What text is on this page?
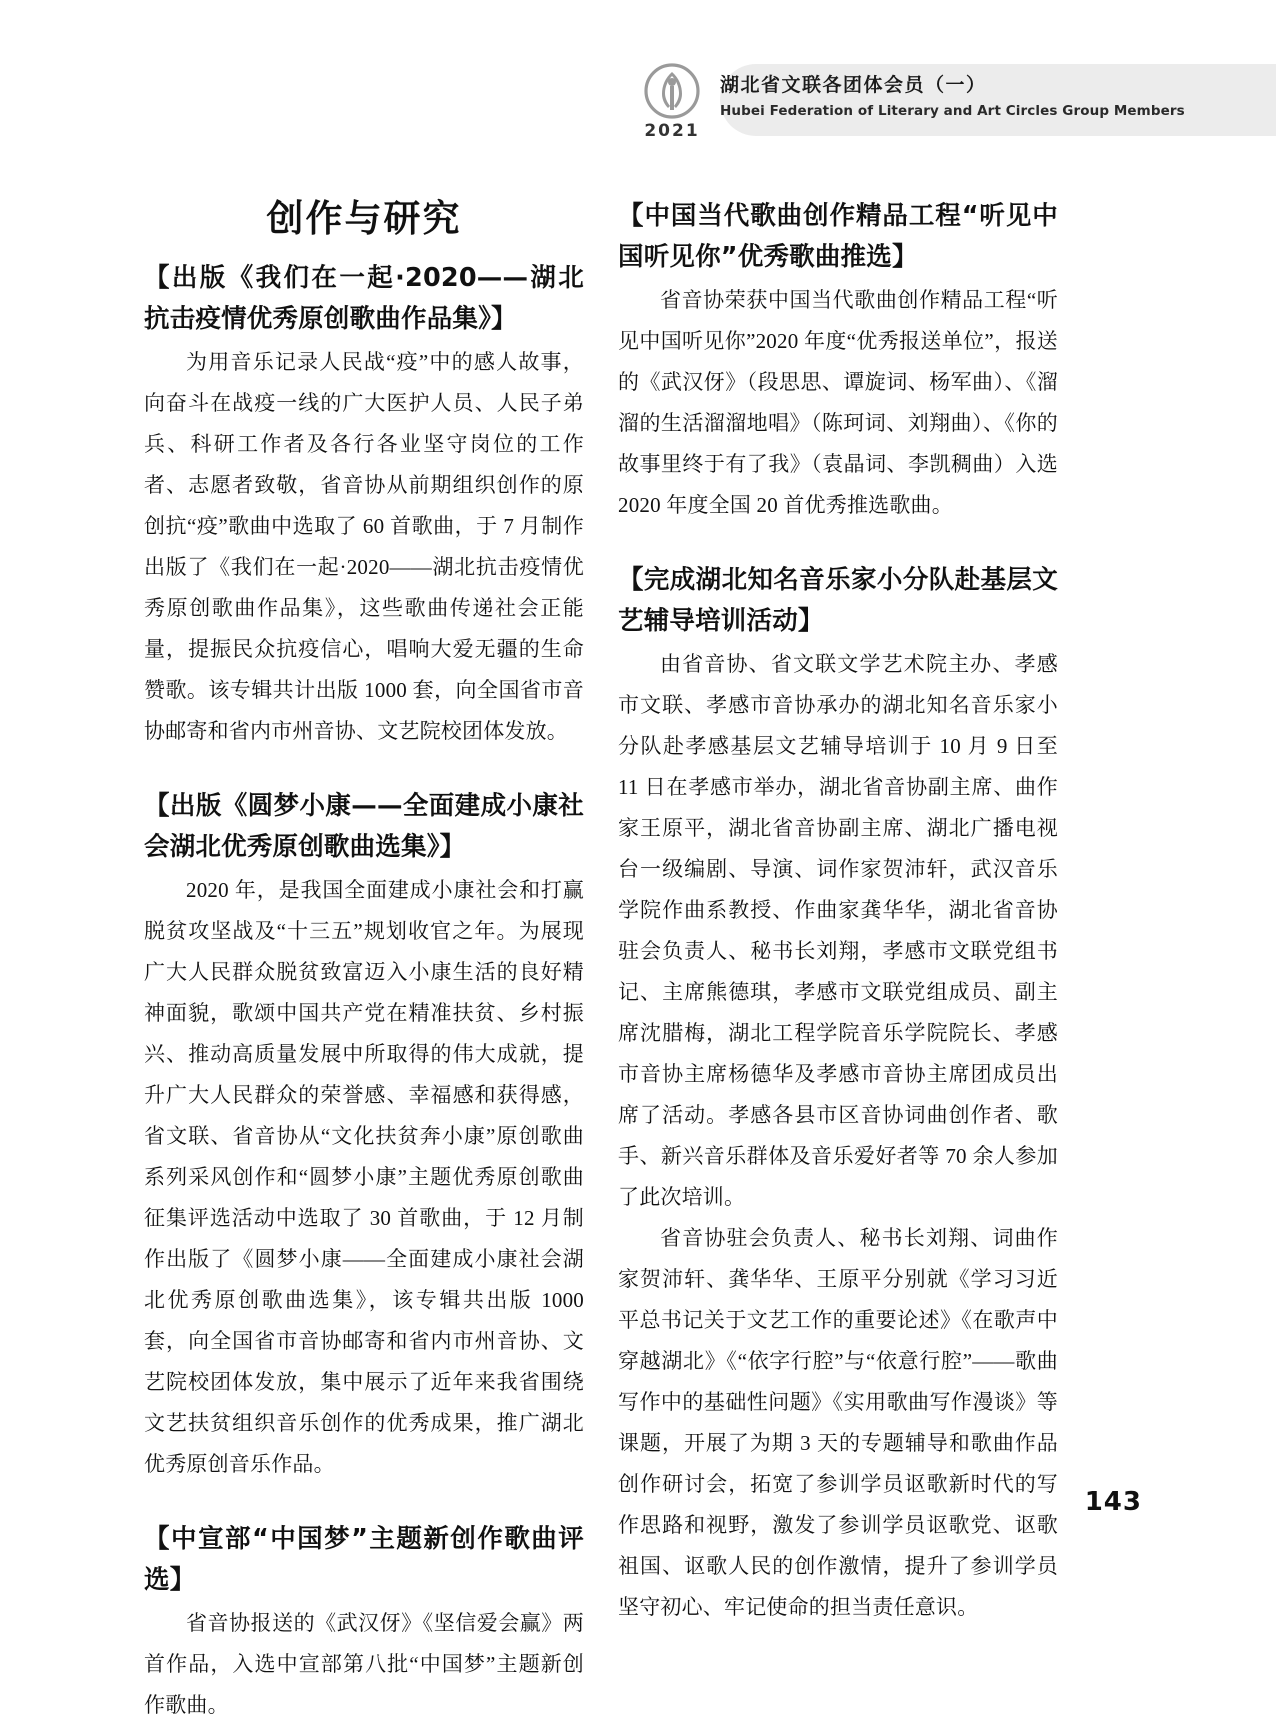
2021
湖北省文联各团体会员（一）
Hubei Federation of Literary and Art Circles Group Members
创作与研究
【出版《我们在一起·2020——湖北抗击疫情优秀原创歌曲作品集》】

为用音乐记录人民战“疫”中的感人故事，向奋斗在战疫一线的广大医护人员、人民子弟兵、科研工作者及各行各业坚守岗位的工作者、志愿者致敬，省音协从前期组织创作的原创抗“疫”歌曲中选取了 60 首歌曲，于 7 月制作出版了《我们在一起·2020——湖北抗击疫情优秀原创歌曲作品集》，这些歌曲传递社会正能量，提振民众抗疫信心，唱响大爱无疆的生命赞歌。该专辑共计出版 1000 套，向全国省市音协邮寄和省内市州音协、文艺院校团体发放。

【出版《圆梦小康——全面建成小康社会湖北优秀原创歌曲选集》】

2020 年，是我国全面建成小康社会和打赢脱贫攻坚战及“十三五”规划收官之年。为展现广大人民群众脱贫致富迈入小康生活的良好精神面貌，歌颂中国共产党在精准扶贫、乡村振兴、推动高质量发展中所取得的伟大成就，提升广大人民群众的荣誉感、幸福感和获得感，省文联、省音协从“文化扶贫奔小康”原创歌曲系列采风创作和“圆梦小康”主题优秀原创歌曲征集评选活动中选取了 30 首歌曲，于 12 月制作出版了《圆梦小康——全面建成小康社会湖北优秀原创歌曲选集》，该专辑共出版 1000 套，向全国省市音协邮寄和省内市州音协、文艺院校团体发放，集中展示了近年来我省围绕文艺扶贫组织音乐创作的优秀成果，推广湖北优秀原创音乐作品。

【中宣部“中国梦”主题新创作歌曲评选】

省音协报送的《武汉伢》《坚信爱会赢》两首作品，入选中宣部第八批“中国梦”主题新创作歌曲。

【中国当代歌曲创作精品工程“听见中国听见你”优秀歌曲推选】

省音协荣获中国当代歌曲创作精品工程“听见中国听见你”2020 年度“优秀报送单位”，报送的《武汉伢》（段思思、谭旋词、杨军曲）、《溜溜的生活溜溜地唱》（陈珂词、刘翔曲）、《你的故事里终于有了我》（袁晶词、李凯稠曲）入选 2020 年度全国 20 首优秀推选歌曲。

【完成湖北知名音乐家小分队赴基层文艺辅导培训活动】

由省音协、省文联文学艺术院主办、孝感市文联、孝感市音协承办的湖北知名音乐家小分队赴孝感基层文艺辅导培训于 10 月 9 日至 11 日在孝感市举办，湖北省音协副主席、曲作家王原平，湖北省音协副主席、湖北广播电视台一级编剧、导演、词作家贺沛轩，武汉音乐学院作曲系教授、作曲家龚华华，湖北省音协驻会负责人、秘书长刘翔，孝感市文联党组书记、主席熊德琪，孝感市文联党组成员、副主席沈腊梅，湖北工程学院音乐学院院长、孝感市音协主席杨德华及孝感市音协主席团成员出席了活动。孝感各县市区音协词曲创作者、歌手、新兴音乐群体及音乐爱好者等 70 余人参加了此次培训。

省音协驻会负责人、秘书长刘翔、词曲作家贺沛轩、龚华华、王原平分别就《学习习近平总书记关于文艺工作的重要论述》《在歌声中穿越湖北》《“依字行腔”与“依意行腔”——歌曲写作中的基础性问题》《实用歌曲写作漫谈》等课题，开展了为期 3 天的专题辅导和歌曲作品创作研讨会，拓宽了参训学员讴歌新时代的写作思路和视野，激发了参训学员讴歌党、讴歌祖国、讴歌人民的创作激情，提升了参训学员坚守初心、牢记使命的担当责任意识。

143
